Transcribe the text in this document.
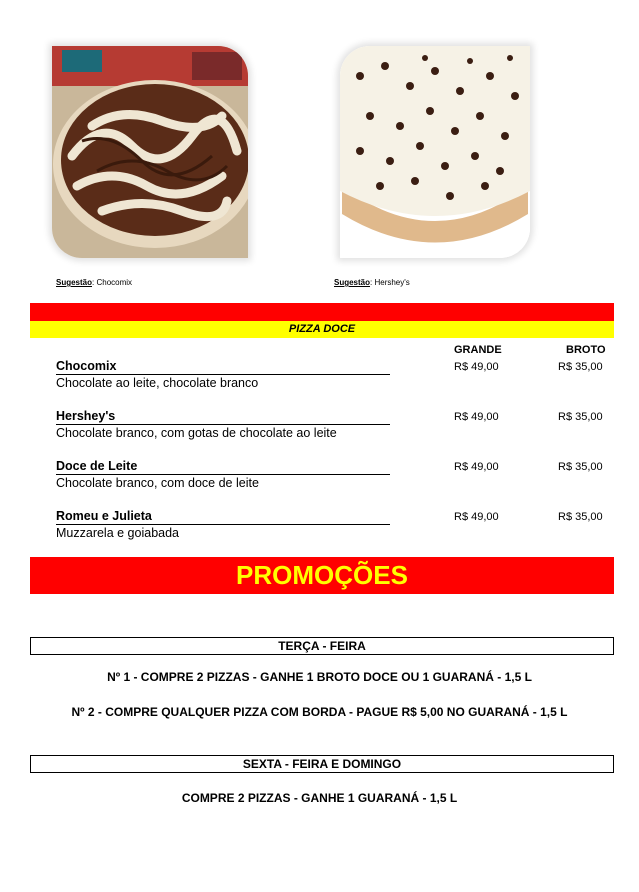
Sugestão: Chocomix	Sugestão: Hershey's
PIZZA DOCE
GRANDE	BROTO
Chocomix
Chocolate ao leite, chocolate branco
R$ 49,00	R$ 35,00
Hershey's
Chocolate branco, com gotas de chocolate ao leite
R$ 49,00	R$ 35,00
Doce de Leite
Chocolate branco, com doce de leite
R$ 49,00	R$ 35,00
Romeu e Julieta
Muzzarela e goiabada
R$ 49,00	R$ 35,00
PROMOÇÕES
TERÇA - FEIRA
Nº 1 - COMPRE 2 PIZZAS - GANHE 1 BROTO DOCE OU 1 GUARANÁ - 1,5 L
Nº 2 - COMPRE QUALQUER PIZZA COM BORDA - PAGUE R$ 5,00 NO GUARANÁ - 1,5 L
SEXTA - FEIRA E DOMINGO
COMPRE 2 PIZZAS - GANHE 1 GUARANÁ - 1,5 L
